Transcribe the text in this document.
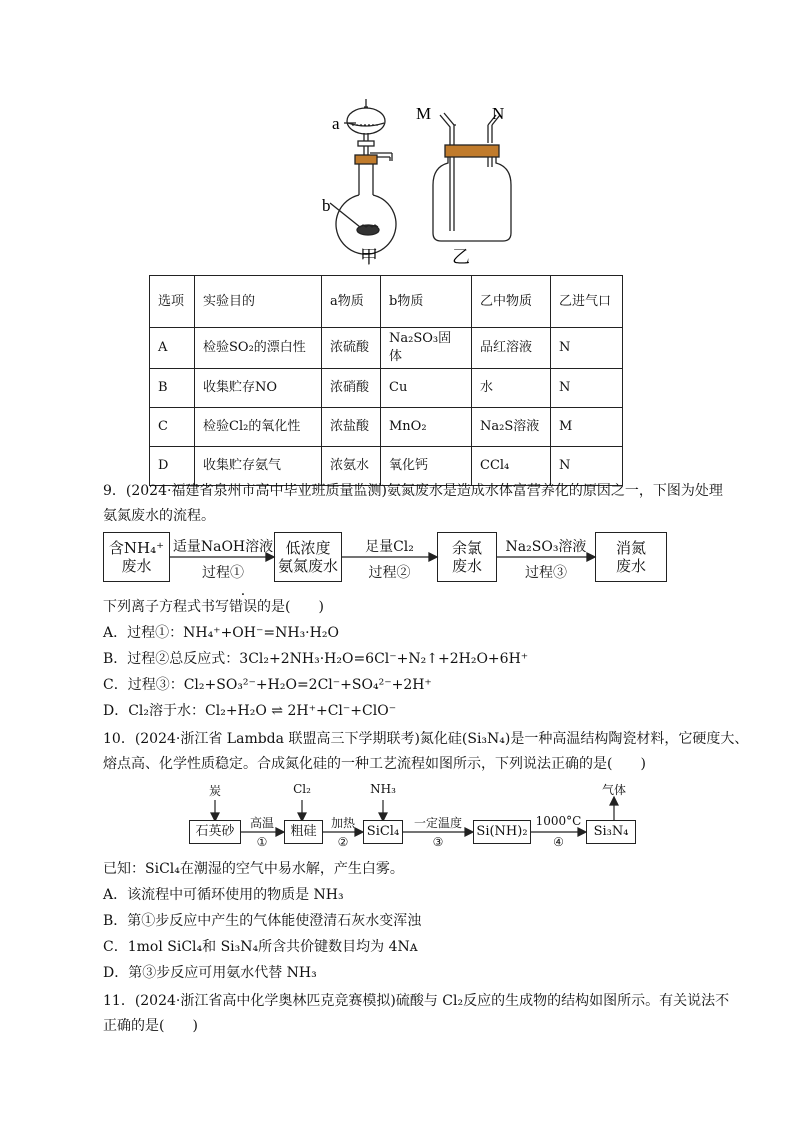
a
b
甲
M	N
乙
选项	实验目的	a物质	b物质	乙中物质	乙进气口
A	检验SO₂的漂白性	浓硫酸	Na₂SO₃固体	品红溶液	N
B	收集贮存NO	浓硝酸	Cu	水	N
C	检验Cl₂的氧化性	浓盐酸	MnO₂	Na₂S溶液	M
D	收集贮存氨气	浓氨水	氧化钙	CCl₄	N
9．(2024·福建省泉州市高中毕业班质量监测)氨氮废水是造成水体富营养化的原因之一，下图为处理
氨氮废水的流程。
含NH₄⁺
废水
低浓度
氨氮废水
余氯
废水
消氮
废水
适量NaOH溶液
过程①
足量Cl₂
过程②
Na₂SO₃溶液
过程③
下列离子方程式书写错误的是(　　)
A．过程①：NH₄⁺+OH⁻=NH₃·H₂O
B．过程②总反应式：3Cl₂+2NH₃·H₂O=6Cl⁻+N₂↑+2H₂O+6H⁺
C．过程③：Cl₂+SO₃²⁻+H₂O=2Cl⁻+SO₄²⁻+2H⁺
D．Cl₂溶于水：Cl₂+H₂O ⇌ 2H⁺+Cl⁻+ClO⁻
10．(2024·浙江省 Lambda 联盟高三下学期联考)氮化硅(Si₃N₄)是一种高温结构陶瓷材料，它硬度大、
熔点高、化学性质稳定。合成氮化硅的一种工艺流程如图所示，下列说法正确的是(　　)
炭	Cl₂	NH₃	气体
石英砂	粗硅	SiCl₄	Si(NH)₂	Si₃N₄
高温
①
加热
②
一定温度
③
1000°C
④
已知：SiCl₄在潮湿的空气中易水解，产生白雾。
A．该流程中可循环使用的物质是 NH₃
B．第①步反应中产生的气体能使澄清石灰水变浑浊
C．1mol SiCl₄和 Si₃N₄所含共价键数目均为 4Nᴀ
D．第③步反应可用氨水代替 NH₃
11．(2024·浙江省高中化学奥林匹克竞赛模拟)硫酸与 Cl₂反应的生成物的结构如图所示。有关说法不
正确的是(　　)
